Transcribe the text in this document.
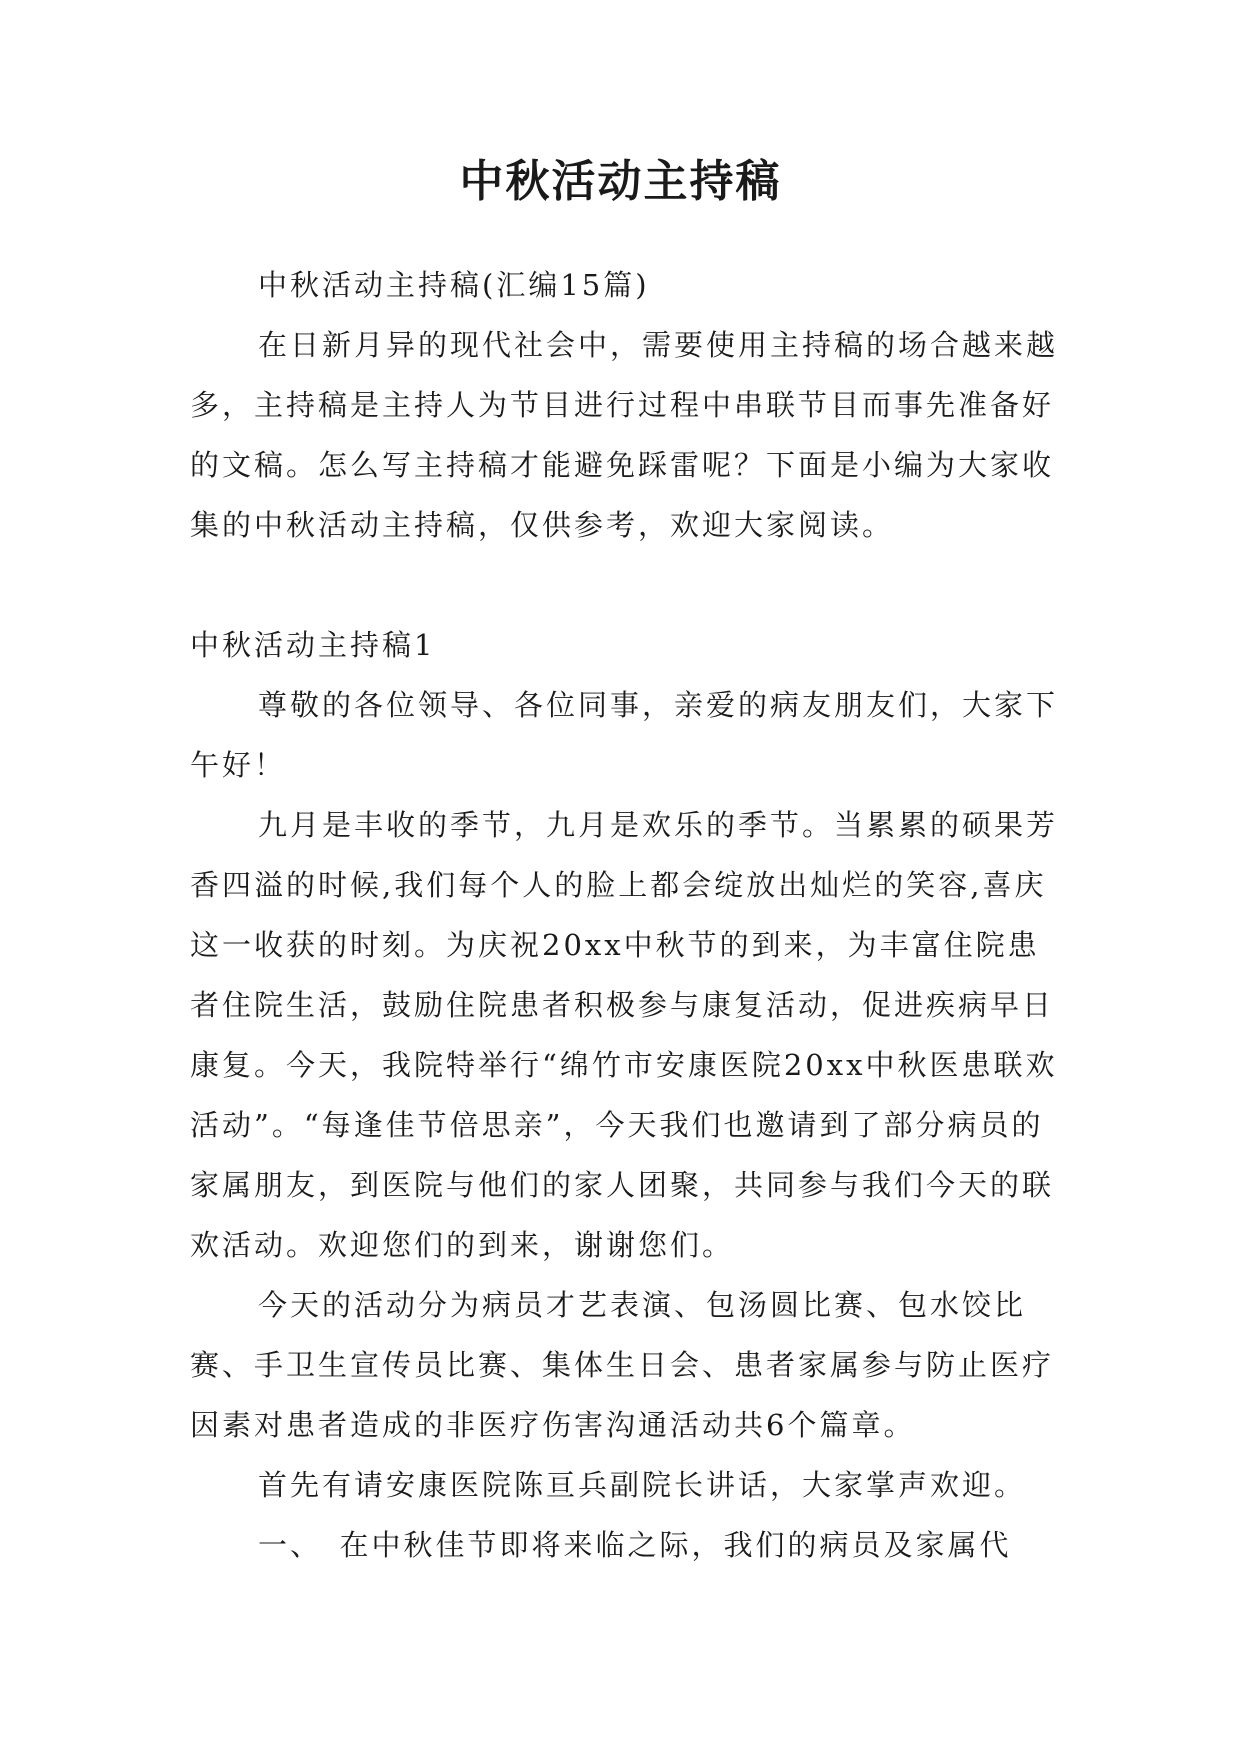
中秋活动主持稿

中秋活动主持稿(汇编15篇)

在日新月异的现代社会中，需要使用主持稿的场合越来越多，主持稿是主持人为节目进行过程中串联节目而事先准备好的文稿。怎么写主持稿才能避免踩雷呢？下面是小编为大家收集的中秋活动主持稿，仅供参考，欢迎大家阅读。

中秋活动主持稿1

尊敬的各位领导、各位同事，亲爱的病友朋友们，大家下午好！

九月是丰收的季节，九月是欢乐的季节。当累累的硕果芳香四溢的时候,我们每个人的脸上都会绽放出灿烂的笑容,喜庆这一收获的时刻。为庆祝20xx中秋节的到来，为丰富住院患者住院生活，鼓励住院患者积极参与康复活动，促进疾病早日康复。今天，我院特举行“绵竹市安康医院20xx中秋医患联欢活动”。“每逢佳节倍思亲”，今天我们也邀请到了部分病员的家属朋友，到医院与他们的家人团聚，共同参与我们今天的联欢活动。欢迎您们的到来，谢谢您们。

今天的活动分为病员才艺表演、包汤圆比赛、包水饺比赛、手卫生宣传员比赛、集体生日会、患者家属参与防止医疗因素对患者造成的非医疗伤害沟通活动共6个篇章。

首先有请安康医院陈亘兵副院长讲话，大家掌声欢迎。

一、　在中秋佳节即将来临之际，我们的病员及家属代
